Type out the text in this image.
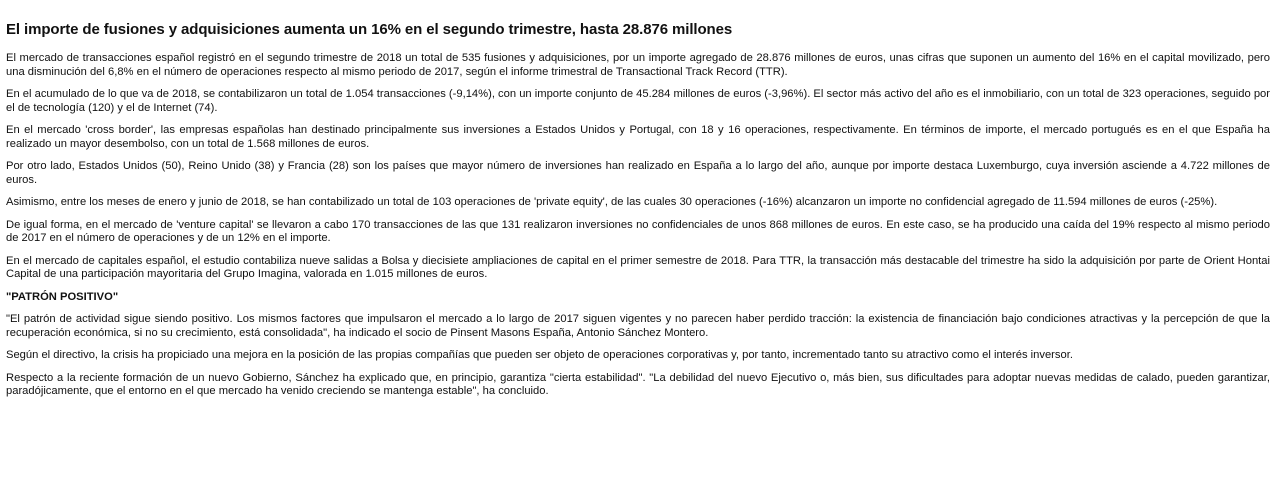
El importe de fusiones y adquisiciones aumenta un 16% en el segundo trimestre, hasta 28.876 millones

El mercado de transacciones español registró en el segundo trimestre de 2018 un total de 535 fusiones y adquisiciones, por un importe agregado de 28.876 millones de euros, unas cifras que suponen un aumento del 16% en el capital movilizado, pero una disminución del 6,8% en el número de operaciones respecto al mismo periodo de 2017, según el informe trimestral de Transactional Track Record (TTR).

En el acumulado de lo que va de 2018, se contabilizaron un total de 1.054 transacciones (-9,14%), con un importe conjunto de 45.284 millones de euros (-3,96%). El sector más activo del año es el inmobiliario, con un total de 323 operaciones, seguido por el de tecnología (120) y el de Internet (74).

En el mercado 'cross border', las empresas españolas han destinado principalmente sus inversiones a Estados Unidos y Portugal, con 18 y 16 operaciones, respectivamente. En términos de importe, el mercado portugués es en el que España ha realizado un mayor desembolso, con un total de 1.568 millones de euros.

Por otro lado, Estados Unidos (50), Reino Unido (38) y Francia (28) son los países que mayor número de inversiones han realizado en España a lo largo del año, aunque por importe destaca Luxemburgo, cuya inversión asciende a 4.722 millones de euros.

Asimismo, entre los meses de enero y junio de 2018, se han contabilizado un total de 103 operaciones de 'private equity', de las cuales 30 operaciones (-16%) alcanzaron un importe no confidencial agregado de 11.594 millones de euros (-25%).

De igual forma, en el mercado de 'venture capital' se llevaron a cabo 170 transacciones de las que 131 realizaron inversiones no confidenciales de unos 868 millones de euros. En este caso, se ha producido una caída del 19% respecto al mismo periodo de 2017 en el número de operaciones y de un 12% en el importe.

En el mercado de capitales español, el estudio contabiliza nueve salidas a Bolsa y diecisiete ampliaciones de capital en el primer semestre de 2018. Para TTR, la transacción más destacable del trimestre ha sido la adquisición por parte de Orient Hontai Capital de una participación mayoritaria del Grupo Imagina, valorada en 1.015 millones de euros.

"PATRÓN POSITIVO"

"El patrón de actividad sigue siendo positivo. Los mismos factores que impulsaron el mercado a lo largo de 2017 siguen vigentes y no parecen haber perdido tracción: la existencia de financiación bajo condiciones atractivas y la percepción de que la recuperación económica, si no su crecimiento, está consolidada", ha indicado el socio de Pinsent Masons España, Antonio Sánchez Montero.

Según el directivo, la crisis ha propiciado una mejora en la posición de las propias compañías que pueden ser objeto de operaciones corporativas y, por tanto, incrementado tanto su atractivo como el interés inversor.

Respecto a la reciente formación de un nuevo Gobierno, Sánchez ha explicado que, en principio, garantiza "cierta estabilidad". "La debilidad del nuevo Ejecutivo o, más bien, sus dificultades para adoptar nuevas medidas de calado, pueden garantizar, paradójicamente, que el entorno en el que mercado ha venido creciendo se mantenga estable", ha concluido.
